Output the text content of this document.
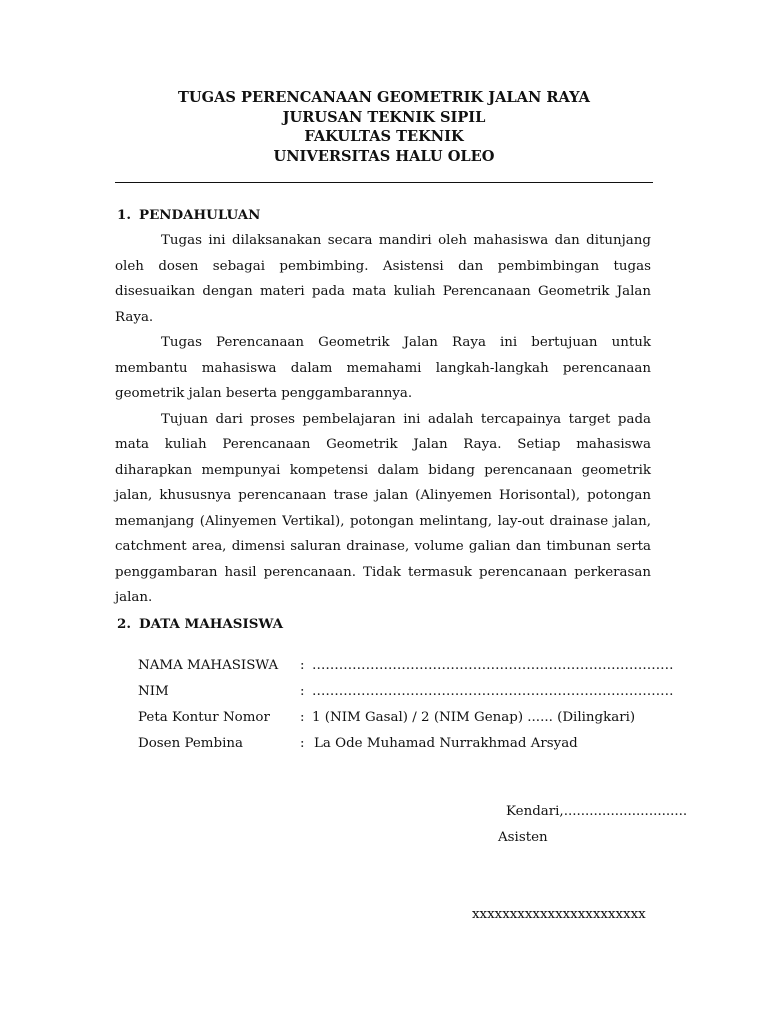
TUGAS PERENCANAAN GEOMETRIK JALAN RAYA
JURUSAN TEKNIK SIPIL
FAKULTAS TEKNIK
UNIVERSITAS HALU OLEO
1. PENDAHULUAN

Tugas ini dilaksanakan secara mandiri oleh mahasiswa dan ditunjang oleh dosen sebagai pembimbing. Asistensi dan pembimbingan tugas disesuaikan dengan materi pada mata kuliah Perencanaan Geometrik Jalan Raya.

Tugas Perencanaan Geometrik Jalan Raya ini bertujuan untuk membantu mahasiswa dalam memahami langkah-langkah perencanaan geometrik jalan beserta penggambarannya.

Tujuan dari proses pembelajaran ini adalah tercapainya target pada mata kuliah Perencanaan Geometrik Jalan Raya. Setiap mahasiswa diharapkan mempunyai kompetensi dalam bidang perencanaan geometrik jalan, khususnya perencanaan trase jalan (Alinyemen Horisontal), potongan memanjang (Alinyemen Vertikal), potongan melintang, lay-out drainase jalan, catchment area, dimensi saluran drainase, volume galian dan timbunan serta penggambaran hasil perencanaan. Tidak termasuk perencanaan perkerasan jalan.

2. DATA MAHASISWA
NAMA MAHASISWA : ………………………………………………………………………
NIM	: ………………………………………………………………………
Peta Kontur Nomor : 1 (NIM Gasal) / 2 (NIM Genap) ...... (Dilingkari)
Dosen Pembina	: La Ode Muhamad Nurrakhmad Arsyad
Kendari,.............................
Asisten
xxxxxxxxxxxxxxxxxxxxxxx
